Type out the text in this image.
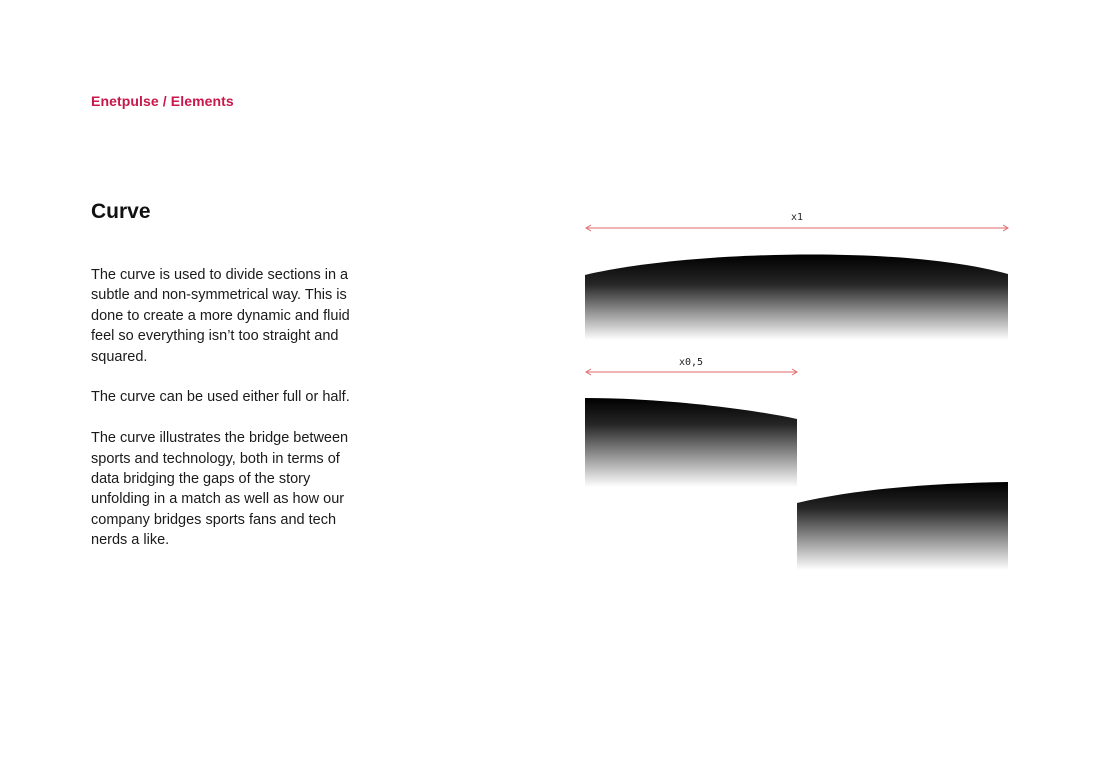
Enetpulse / Elements
Curve

The curve is used to divide sections in a subtle and non-symmetrical way. This is done to create a more dynamic and fluid feel so everything isn’t too straight and squared.

The curve can be used either full or half.

The curve illustrates the bridge between sports and technology, both in terms of data bridging the gaps of the story unfolding in a match as well as how our company bridges sports fans and tech nerds a like.

x1
x0,5
